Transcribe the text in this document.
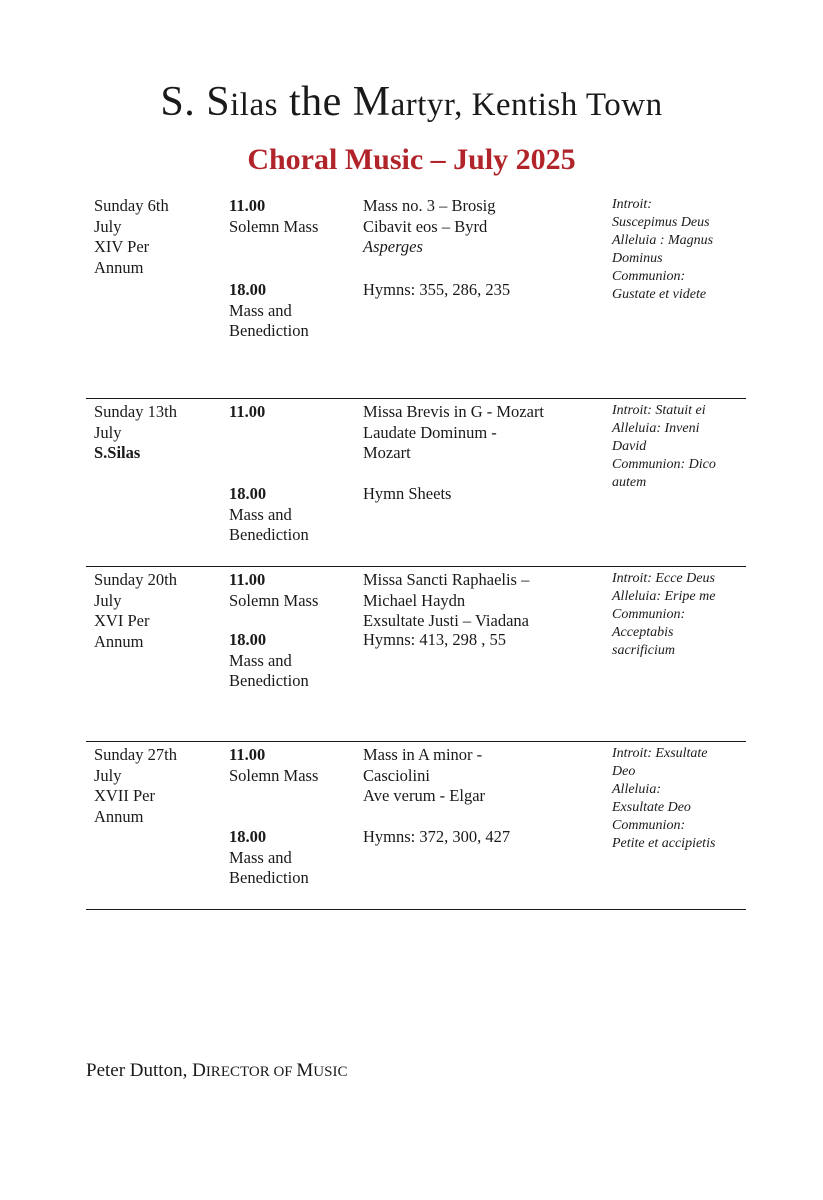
S. Silas the Martyr, Kentish Town
Choral Music – July 2025
Sunday 6th
July
XIV Per
Annum
11.00
Solemn Mass
18.00
Mass and
Benediction
Mass no. 3 – Brosig
Cibavit eos – Byrd
Asperges
Hymns: 355, 286, 235
Introit:
Suscepimus Deus
Alleluia : Magnus
Dominus
Communion:
Gustate et videte
Sunday 13th
July
S.Silas
11.00
18.00
Mass and
Benediction
Missa Brevis in G - Mozart
Laudate Dominum -
Mozart
Hymn Sheets
Introit: Statuit ei
Alleluia: Inveni
David
Communion: Dico
autem
Sunday 20th
July
XVI Per
Annum
11.00
Solemn Mass
18.00
Mass and
Benediction
Missa Sancti Raphaelis –
Michael Haydn
Exsultate Justi – Viadana
Hymns: 413, 298 , 55
Introit: Ecce Deus
Alleluia: Eripe me
Communion:
Acceptabis
sacrificium
Sunday 27th
July
XVII Per
Annum
11.00
Solemn Mass
18.00
Mass and
Benediction
Mass in A minor -
Casciolini
Ave verum - Elgar
Hymns: 372, 300, 427
Introit: Exsultate
Deo
Alleluia:
Exsultate Deo
Communion:
Petite et accipietis
Peter Dutton, DIRECTOR OF MUSIC
